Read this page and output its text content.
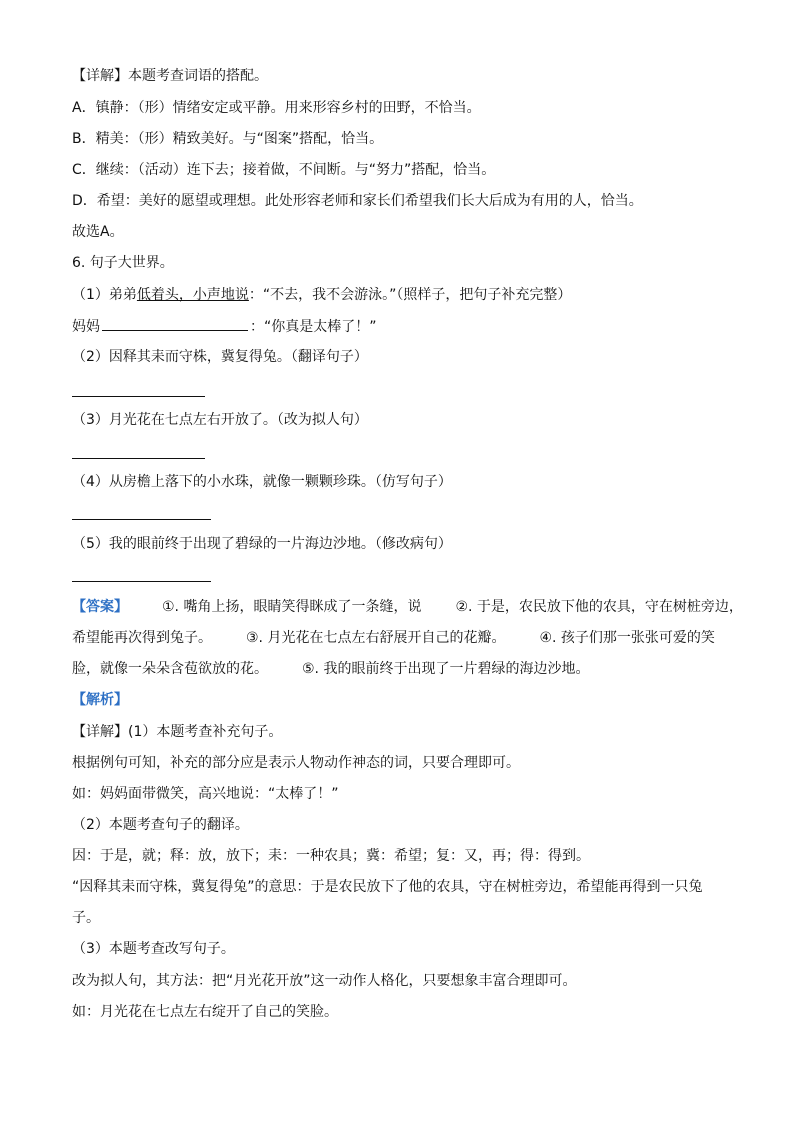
【详解】本题考查词语的搭配。
A．镇静：（形）情绪安定或平静。用来形容乡村的田野，不恰当。
B．精美：（形）精致美好。与“图案”搭配，恰当。
C．继续：（活动）连下去；接着做，不间断。与“努力”搭配，恰当。
D．希望：美好的愿望或理想。此处形容老师和家长们希望我们长大后成为有用的人，恰当。
故选A。
6. 句子大世界。
（1）弟弟低着头，小声地说：“不去，我不会游泳。”（照样子，把句子补充完整）
妈妈	：“你真是太棒了！”
（2）因释其耒而守株，冀复得兔。（翻译句子）
（3）月光花在七点左右开放了。（改为拟人句）
（4）从房檐上落下的小水珠，就像一颗颗珍珠。（仿写句子）
（5）我的眼前终于出现了碧绿的一片海边沙地。（修改病句）
【答案】 ①. 嘴角上扬，眼睛笑得眯成了一条缝，说 ②. 于是，农民放下他的农具，守在树桩旁边，
希望能再次得到兔子。 ③. 月光花在七点左右舒展开自己的花瓣。 ④. 孩子们那一张张可爱的笑
脸，就像一朵朵含苞欲放的花。 ⑤. 我的眼前终于出现了一片碧绿的海边沙地。
【解析】
【详解】(1）本题考查补充句子。
根据例句可知，补充的部分应是表示人物动作神态的词，只要合理即可。
如：妈妈面带微笑，高兴地说：“太棒了！”
（2）本题考查句子的翻译。
因：于是，就；释：放，放下；耒：一种农具；冀：希望；复：又，再；得：得到。
“因释其耒而守株，冀复得兔”的意思：于是农民放下了他的农具，守在树桩旁边，希望能再得到一只兔
子。
（3）本题考查改写句子。
改为拟人句，其方法：把“月光花开放”这一动作人格化，只要想象丰富合理即可。
如：月光花在七点左右绽开了自己的笑脸。
